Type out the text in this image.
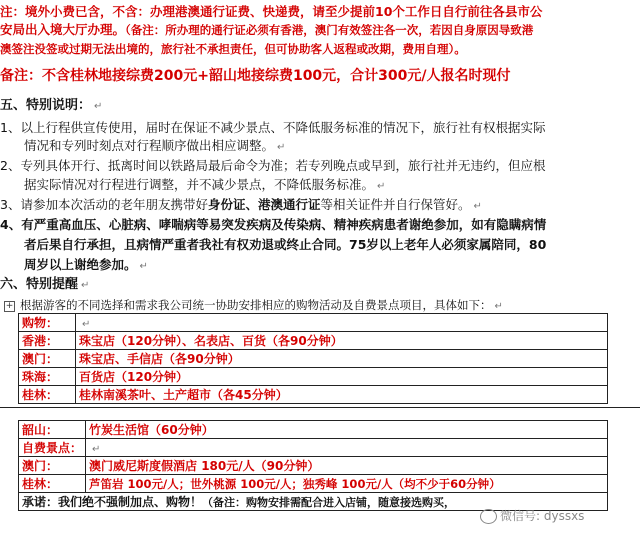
注：境外小费已含，不含：办理港澳通行证费、快递费，请至少提前10个工作日自行前往各县市公
安局出入境大厅办理。（备注：所办理的通行证必须有香港，澳门有效签注各一次，若因自身原因导致港
澳签注没签或过期无法出境的，旅行社不承担责任，但可协助客人返程或改期，费用自理）。
备注：不含桂林地接综费200元+韶山地接综费100元，合计300元/人报名时现付
五、特别说明： ↵
1、以上行程供宣传使用，届时在保证不减少景点、不降低服务标准的情况下，旅行社有权根据实际
情况和专列时刻点对行程顺序做出相应调整。 ↵
2、专列具体开行、抵离时间以铁路局最后命令为准；若专列晚点或早到，旅行社并无违约，但应根
据实际情况对行程进行调整，并不减少景点，不降低服务标准。 ↵
3、请参加本次活动的老年朋友携带好身份证、港澳通行证等相关证件并自行保管好。 ↵
4、有严重高血压、心脏病、哮喘病等易突发疾病及传染病、精神疾病患者谢绝参加，如有隐瞒病情
者后果自行承担，且病情严重者我社有权劝退或终止合同。75岁以上老年人必须家属陪同，80
周岁以上谢绝参加。 ↵
六、特别提醒 ↵
+ 根据游客的不同选择和需求我公司统一协助安排相应的购物活动及自费景点项目，具体如下： ↵
购物：	↵
香港：	珠宝店（120分钟）、名表店、百货（各90分钟）
澳门：	珠宝店、手信店（各90分钟）
珠海：	百货店（120分钟）
桂林：	桂林南溪茶叶、土产超市（各45分钟）
韶山：	竹炭生活馆（60分钟）
自费景点：	↵
澳门：	澳门威尼斯度假酒店 180元/人（90分钟）
桂林：	芦笛岩 100元/人；世外桃源 100元/人；独秀峰 100元/人（均不少于60分钟）
承诺：我们绝不强制加点、购物！（备注：购物安排需配合进入店铺，随意接选购买，	
微信号: dyssxs
